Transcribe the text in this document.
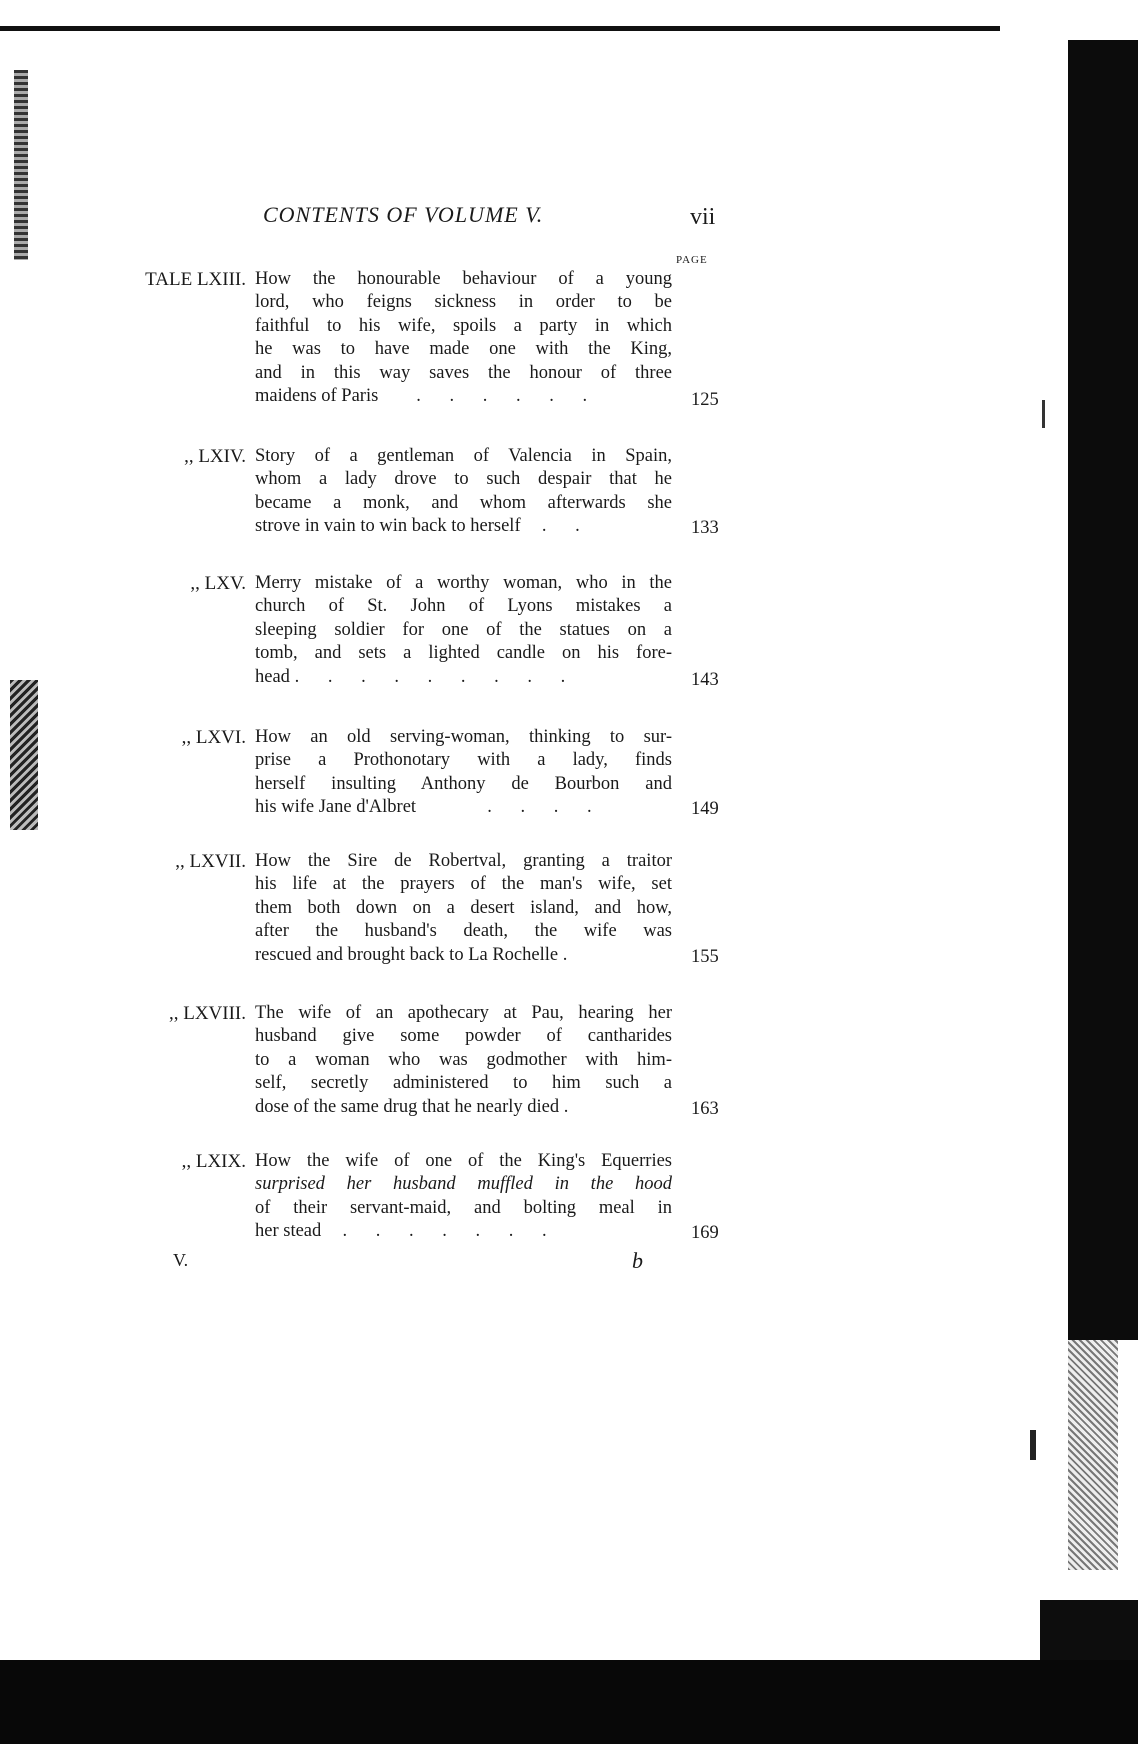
CONTENTS OF VOLUME V.	vii
PAGE
TALE LXIII. How the honourable behaviour of a young
lord, who feigns sickness in order to be
faithful to his wife, spoils a party in which
he was to have made one with the King,
and in this way saves the honour of three
maidens of Paris   . . . . . .	125
,, LXIV. Story of a gentleman of Valencia in Spain,
whom a lady drove to such despair that he
became a monk, and whom afterwards she
strove in vain to win back to herself  . .	133
,, LXV. Merry mistake of a worthy woman, who in the
church of St. John of Lyons mistakes a
sleeping soldier for one of the statues on a
tomb, and sets a lighted candle on his fore-
head . . . . . . . . .	143
,, LXVI. How an old serving-woman, thinking to sur-
prise a Prothonotary with a lady, finds
herself insulting Anthony de Bourbon and
his wife Jane d'Albret     . . . .	149
,, LXVII. How the Sire de Robertval, granting a traitor
his life at the prayers of the man's wife, set
them both down on a desert island, and how,
after the husband's death, the wife was
rescued and brought back to La Rochelle .	155
,, LXVIII. The wife of an apothecary at Pau, hearing her
husband give some powder of cantharides
to a woman who was godmother with him-
self, secretly administered to him such a
dose of the same drug that he nearly died .	163
,, LXIX. How the wife of one of the King's Equerries
surprised her husband muffled in the hood
of their servant-maid, and bolting meal in
her stead  . . . . . . .	169
V.	b
